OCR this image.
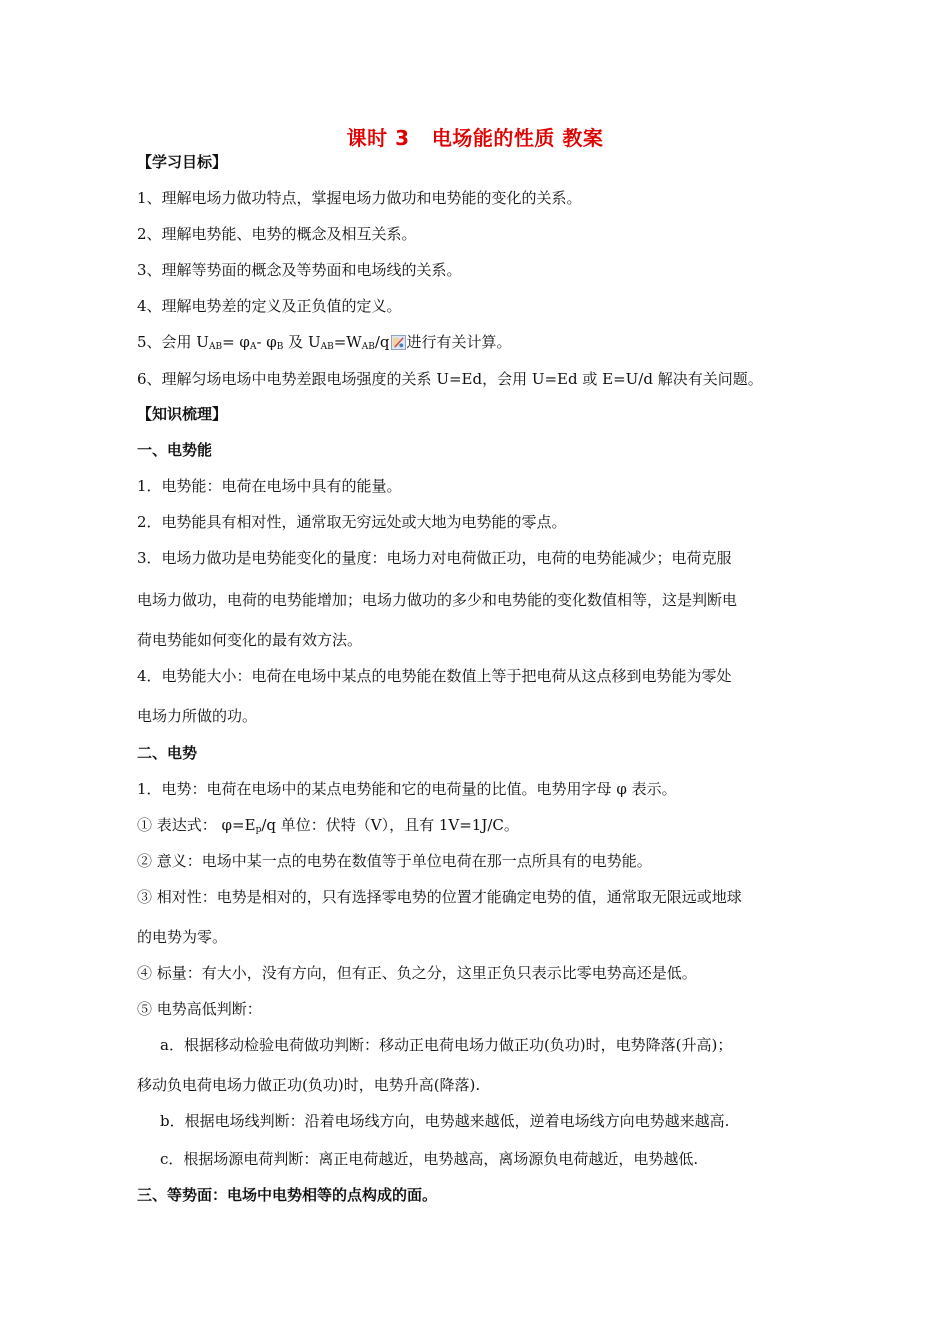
课时 3   电场能的性质 教案
【学习目标】
1、理解电场力做功特点，掌握电场力做功和电势能的变化的关系。
2、理解电势能、电势的概念及相互关系。
3、理解等势面的概念及等势面和电场线的关系。
4、理解电势差的定义及正负值的定义。
5、会用 $U_{AB}= \varphi_A-$ $\varphi_B$ 及 $U_{AB}=W_{AB}/q$ 进行有关计算。
6、理解匀场电场中电势差跟电场强度的关系 U=Ed，会用 U=Ed 或 E=U/d 解决有关问题。
【知识梳理】
一、电势能
1．电势能：电荷在电场中具有的能量。
2．电势能具有相对性，通常取无穷远处或大地为电势能的零点。
3．电场力做功是电势能变化的量度：电场力对电荷做正功，电荷的电势能减少；电荷克服
电场力做功，电荷的电势能增加；电场力做功的多少和电势能的变化数值相等，这是判断电
荷电势能如何变化的最有效方法。
4．电势能大小：电荷在电场中某点的电势能在数值上等于把电荷从这点移到电势能为零处
电场力所做的功。
二、电势
1．电势：电荷在电场中的某点电势能和它的电荷量的比值。电势用字母 φ 表示。
① 表达式： $\varphi=E_p/q$ 单位：伏特（V），且有 1V=1J/C。
② 意义：电场中某一点的电势在数值等于单位电荷在那一点所具有的电势能。
③ 相对性：电势是相对的，只有选择零电势的位置才能确定电势的值，通常取无限远或地球
的电势为零。
④ 标量：有大小，没有方向，但有正、负之分，这里正负只表示比零电势高还是低。
⑤ 电势高低判断：
a．根据移动检验电荷做功判断：移动正电荷电场力做正功(负功)时，电势降落(升高)；
移动负电荷电场力做正功(负功)时，电势升高(降落).
b．根据电场线判断：沿着电场线方向，电势越来越低，逆着电场线方向电势越来越高.
c．根据场源电荷判断：离正电荷越近，电势越高，离场源负电荷越近，电势越低.
三、等势面：电场中电势相等的点构成的面。
